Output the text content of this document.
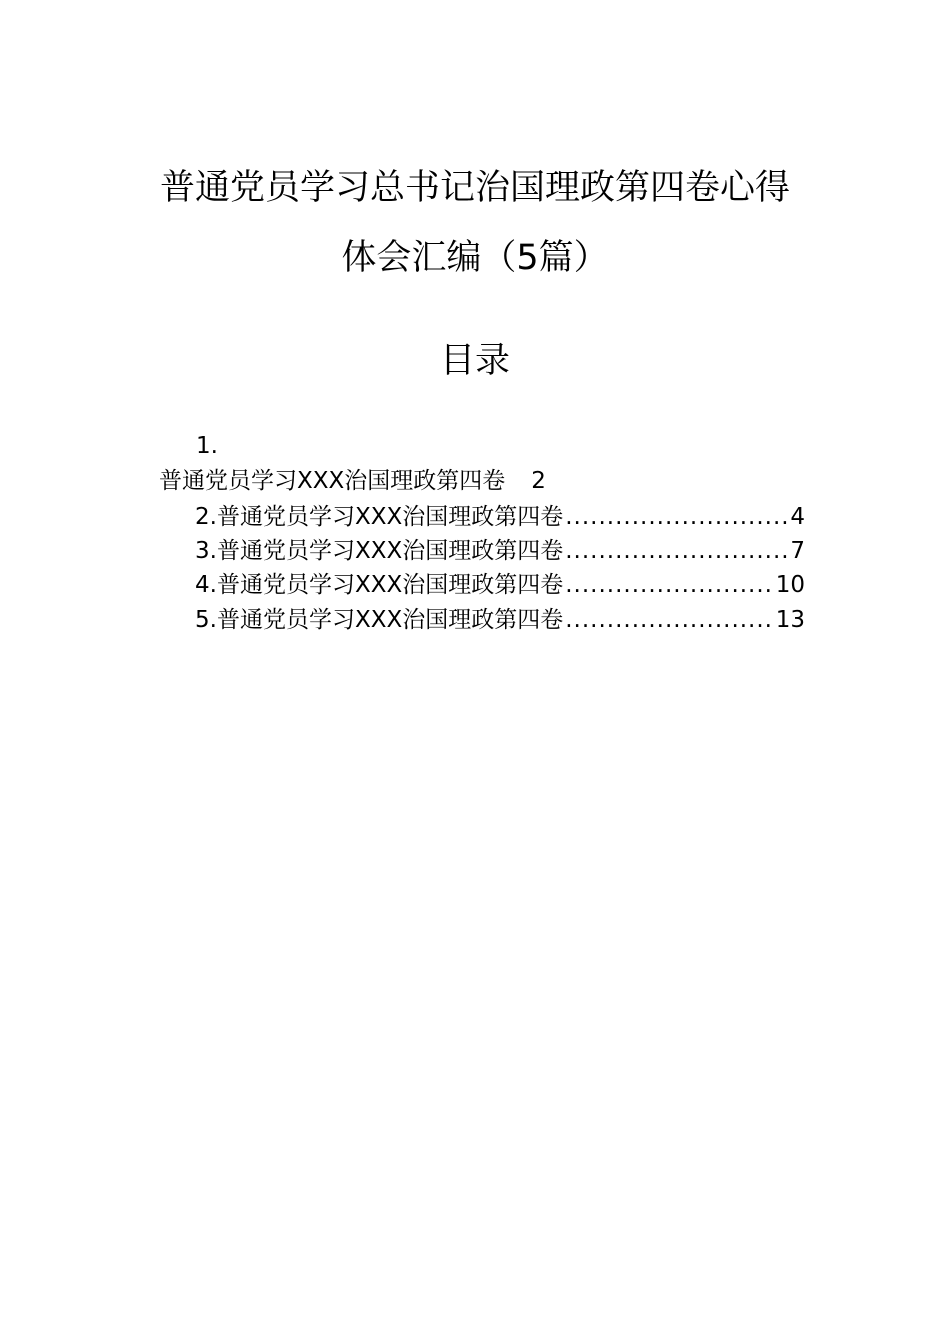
普通党员学习总书记治国理政第四卷心得
体会汇编（5篇）
目录
1.
普通党员学习XXX治国理政第四卷 2
2.普通党员学习XXX治国理政第四卷 .....	4
3.普通党员学习XXX治国理政第四卷 .....	7
4.普通党员学习XXX治国理政第四卷 .....	10
5.普通党员学习XXX治国理政第四卷 .....	13
